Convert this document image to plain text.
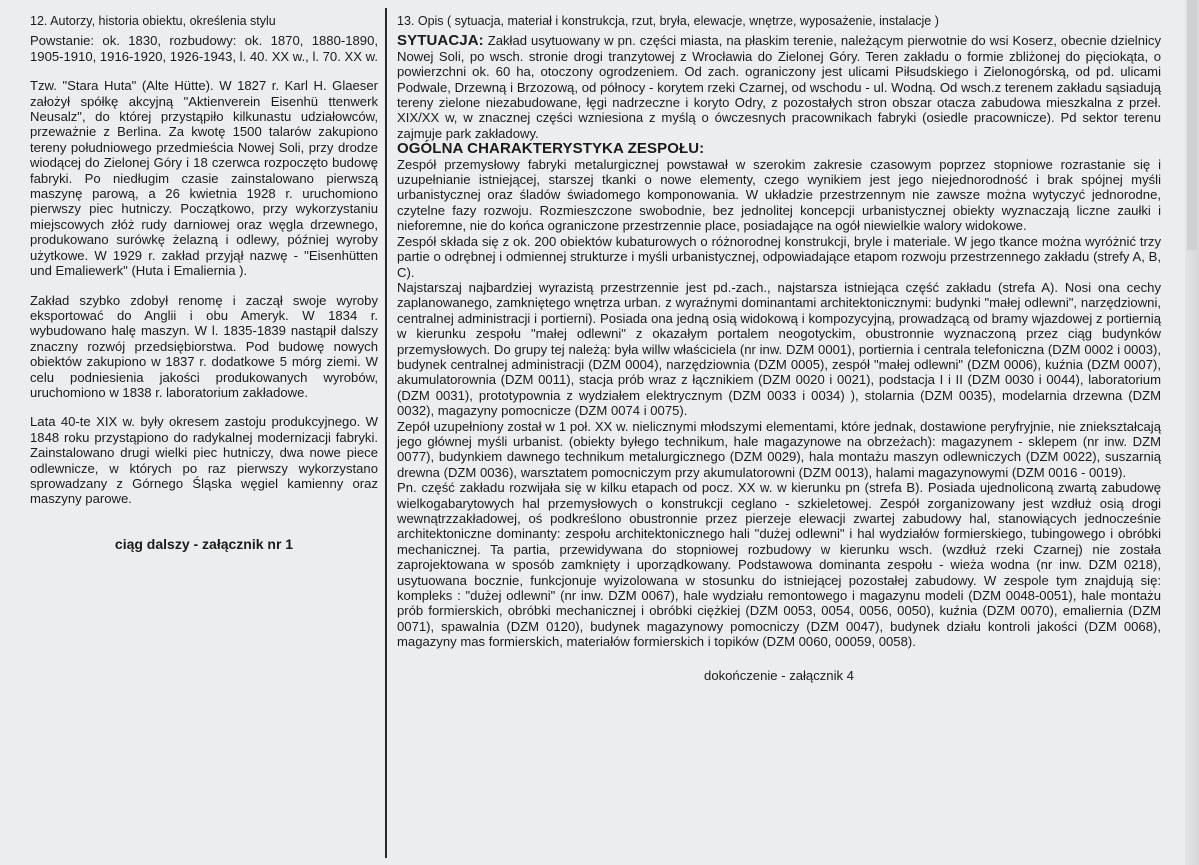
12. Autorzy, historia obiektu, określenia stylu

Powstanie: ok. 1830, rozbudowy: ok. 1870, 1880-1890, 1905-1910, 1916-1920, 1926-1943, l. 40. XX w., l. 70. XX w.

Tzw. "Stara Huta" (Alte Hütte). W 1827 r. Karl H. Glaeser założył spółkę akcyjną "Aktienverein Eisenhü ttenwerk Neusalz", do której przystąpiło kilkunastu udziałowców, przeważnie z Berlina. Za kwotę 1500 talarów zakupiono tereny południowego przedmieścia Nowej Soli, przy drodze wiodącej do Zielonej Góry i 18 czerwca rozpoczęto budowę fabryki. Po niedługim czasie zainstalowano pierwszą maszynę parową, a 26 kwietnia 1928 r. uruchomiono pierwszy piec hutniczy. Początkowo, przy wykorzystaniu miejscowych złóż rudy darniowej oraz węgla drzewnego, produkowano surówkę żelazną i odlewy, później wyroby użytkowe. W 1929 r. zakład przyjął nazwę - "Eisenhütten und Emaliewerk" (Huta i Emaliernia ).

Zakład szybko zdobył renomę i zaczął swoje wyroby eksportować do Anglii i obu Ameryk. W 1834 r. wybudowano halę maszyn. W l. 1835-1839 nastąpił dalszy znaczny rozwój przedsiębiorstwa. Pod budowę nowych obiektów zakupiono w 1837 r. dodatkowe 5 mórg ziemi. W celu podniesienia jakości produkowanych wyrobów, uruchomiono w 1838 r. laboratorium zakładowe.

Lata 40-te XIX w. były okresem zastoju produkcyjnego. W 1848 roku przystąpiono do radykalnej modernizacji fabryki. Zainstalowano drugi wielki piec hutniczy, dwa nowe piece odlewnicze, w których po raz pierwszy wykorzystano sprowadzany z Górnego Śląska węgiel kamienny oraz maszyny parowe.

ciąg dalszy - załącznik nr 1
13. Opis ( sytuacja, materiał i konstrukcja, rzut, bryła, elewacje, wnętrze, wyposażenie, instalacje )

SYTUACJA: Zakład usytuowany w pn. części miasta, na płaskim terenie, należącym pierwotnie do wsi Koserz, obecnie dzielnicy Nowej Soli, po wsch. stronie drogi tranzytowej z Wrocławia do Zielonej Góry. Teren zakładu o formie zbliżonej do pięciokąta, o powierzchni ok. 60 ha, otoczony ogrodzeniem. Od zach. ograniczony jest ulicami Piłsudskiego i Zielonogórską, od pd. ulicami Podwale, Drzewną i Brzozową, od północy - korytem rzeki Czarnej, od wschodu - ul. Wodną. Od wsch.z terenem zakładu sąsiadują tereny zielone niezabudowane, łęgi nadrzeczne i koryto Odry, z pozostałych stron obszar otacza zabudowa mieszkalna z przeł. XIX/XX w, w znacznej części wzniesiona z myślą o ówczesnych pracownikach fabryki (osiedle pracownicze). Pd sektor terenu zajmuje park zakładowy.

OGÓLNA CHARAKTERYSTYKA ZESPOŁU:

Zespół przemysłowy fabryki metalurgicznej powstawał w szerokim zakresie czasowym poprzez stopniowe rozrastanie się i uzupełnianie istniejącej, starszej tkanki o nowe elementy, czego wynikiem jest jego niejednorodność i brak spójnej myśli urbanistycznej oraz śladów świadomego komponowania. W układzie przestrzennym nie zawsze można wytyczyć jednorodne, czytelne fazy rozwoju. Rozmieszczone swobodnie, bez jednolitej koncepcji urbanistycznej obiekty wyznaczają liczne zaułki i nieforemne, nie do końca ograniczone przestrzennie place, posiadające na ogół niewielkie walory widokowe.

Zespół składa się z ok. 200 obiektów kubaturowych o różnorodnej konstrukcji, bryle i materiale. W jego tkance można wyróżnić trzy partie o odrębnej i odmiennej strukturze i myśli urbanistycznej, odpowiadające etapom rozwoju przestrzennego zakładu (strefy A, B, C).

Najstarszaj najbardziej wyrazistą przestrzennie jest pd.-zach., najstarsza istniejąca część zakładu (strefa A). Nosi ona cechy zaplanowanego, zamkniętego wnętrza urban. z wyraźnymi dominantami architektonicznymi: budynki "małej odlewni", narzędziowni, centralnej administracji i portierni). Posiada ona jedną osią widokową i kompozycyjną, prowadzącą od bramy wjazdowej z portiernią w kierunku zespołu "małej odlewni" z okazałym portalem neogotyckim, obustronnie wyznaczoną przez ciąg budynków przemysłowych. Do grupy tej należą: była willw właściciela (nr inw. DZM 0001), portiernia i centrala telefoniczna (DZM 0002 i 0003), budynek centralnej administracji (DZM 0004), narzędziownia (DZM 0005), zespół "małej odlewni" (DZM 0006), kuźnia (DZM 0007), akumulatorownia (DZM 0011), stacja prób wraz z łącznikiem (DZM 0020 i 0021), podstacja I i II (DZM 0030 i 0044), laboratorium (DZM 0031), prototypownia z wydziałem elektrycznym (DZM 0033 i 0034) ), stolarnia (DZM 0035), modelarnia drzewna (DZM 0032), magazyny pomocnicze (DZM 0074 i 0075).

Zepół uzupełniony został w 1 poł. XX w. nielicznymi młodszymi elementami, które jednak, dostawione peryfryjnie, nie zniekształcają jego głównej myśli urbanist. (obiekty byłego technikum, hale magazynowe na obrzeżach): magazynem - sklepem (nr inw. DZM 0077), budynkiem dawnego technikum metalurgicznego (DZM 0029), hala montażu maszyn odlewniczych (DZM 0022), suszarnią drewna (DZM 0036), warsztatem pomocniczym przy akumulatorowni (DZM 0013), halami magazynowymi (DZM 0016 - 0019).

Pn. część zakładu rozwijała się w kilku etapach od pocz. XX w. w kierunku pn (strefa B). Posiada ujednoliconą zwartą zabudowę wielkogabarytowych hal przemysłowych o konstrukcji ceglano - szkieletowej. Zespół zorganizowany jest wzdłuż osią drogi wewnątrzzakładowej, oś podkreślono obustronnie przez pierzeje elewacji zwartej zabudowy hal, stanowiących jednocześnie architektoniczne dominanty: zespołu architektonicznego hali "dużej odlewni" i hal wydziałów formierskiego, tubingowego i obróbki mechanicznej. Ta partia, przewidywana do stopniowej rozbudowy w kierunku wsch. (wzdłuż rzeki Czarnej) nie została zaprojektowana w sposób zamknięty i uporządkowany. Podstawowa dominanta zespołu - wieża wodna (nr inw. DZM 0218), usytuowana bocznie, funkcjonuje wyizolowana w stosunku do istniejącej pozostałej zabudowy. W zespole tym znajdują się: kompleks : "dużej odlewni" (nr inw. DZM 0067), hale wydziału remontowego i magazynu modeli (DZM 0048-0051), hale montażu prób formierskich, obróbki mechanicznej i obróbki ciężkiej (DZM 0053, 0054, 0056, 0050), kuźnia (DZM 0070), emaliernia (DZM 0071), spawalnia (DZM 0120), budynek magazynowy pomocniczy (DZM 0047), budynek działu kontroli jakości (DZM 0068), magazyny mas formierskich, materiałów formierskich i topików (DZM 0060, 00059, 0058).

dokończenie - załącznik 4
